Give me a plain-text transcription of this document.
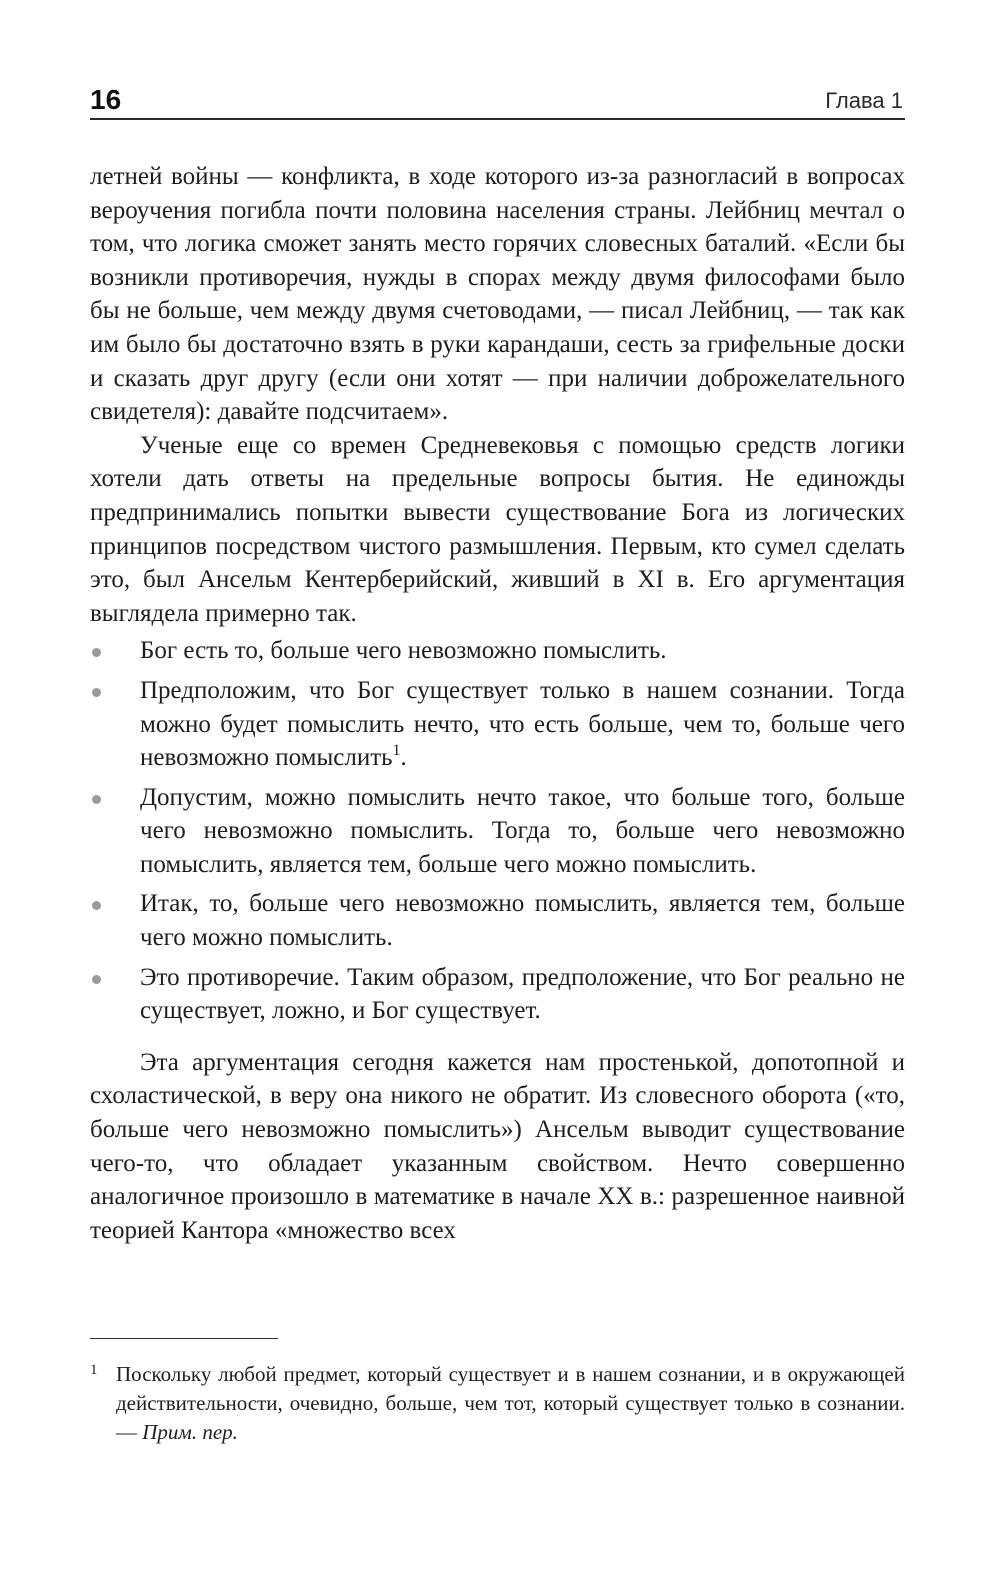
16	Глава 1

летней войны — конфликта, в ходе которого из-за разногласий в вопросах вероучения погибла почти половина населения страны. Лейбниц мечтал о том, что логика сможет занять место горячих словесных баталий. «Если бы возникли противоречия, нужды в спорах между двумя философами было бы не больше, чем между двумя счетоводами, — писал Лейбниц, — так как им было бы достаточно взять в руки карандаши, сесть за грифельные доски и сказать друг другу (если они хотят — при наличии доброжелательного свидетеля): давайте подсчитаем».

Ученые еще со времен Средневековья с помощью средств логики хотели дать ответы на предельные вопросы бытия. Не единожды предпринимались попытки вывести существование Бога из логических принципов посредством чистого размышления. Первым, кто сумел сделать это, был Ансельм Кентерберийский, живший в XI в. Его аргументация выглядела примерно так.

Бог есть то, больше чего невозможно помыслить.
Предположим, что Бог существует только в нашем сознании. Тогда можно будет помыслить нечто, что есть больше, чем то, больше чего невозможно помыслить$^1$.
Допустим, можно помыслить нечто такое, что больше того, больше чего невозможно помыслить. Тогда то, больше чего невозможно помыслить, является тем, больше чего можно помыслить.
Итак, то, больше чего невозможно помыслить, является тем, больше чего можно помыслить.
Это противоречие. Таким образом, предположение, что Бог реально не существует, ложно, и Бог существует.

Эта аргументация сегодня кажется нам простенькой, допотопной и схоластической, в веру она никого не обратит. Из словесного оборота («то, больше чего невозможно помыслить») Ансельм выводит существование чего-то, что обладает указанным свойством. Нечто совершенно аналогичное произошло в математике в начале XX в.: разрешенное наивной теорией Кантора «множество всех

1 Поскольку любой предмет, который существует и в нашем сознании, и в окружающей действительности, очевидно, больше, чем тот, который существует только в сознании. — Прим. пер.
